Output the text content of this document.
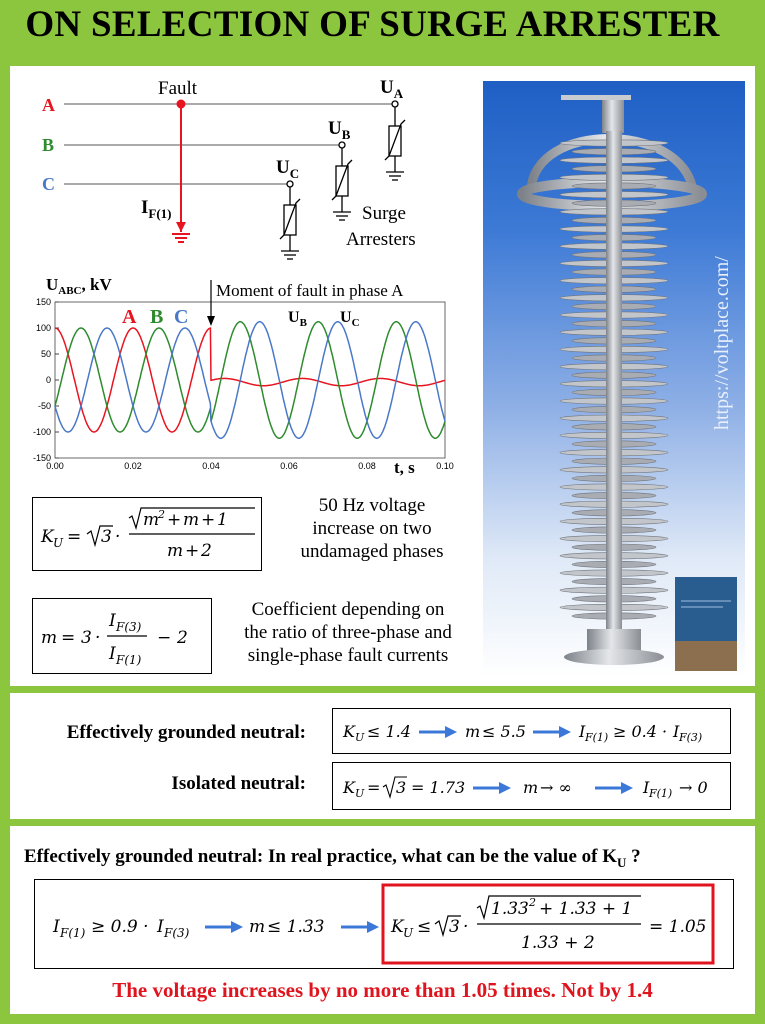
ON SELECTION OF SURGE ARRESTER
A
B
C
Fault
$I_{F(1)}$
$U_A$
$U_B$
$U_C$
Surge
Arresters
$U_{ABC}$, kV	Moment of fault in phase A
150
100
50
0
-50
-100
-150
0.00	0.02	0.04	0.06	0.08	0.10
A B C	$U_B$ $U_C$
t, s
K U = 3 ·
m
2 + m + 1
m + 2
50 Hz voltage
increase on two
undamaged phases
m = 3 ·
I F(3)
I F(1)
− 2
Coefficient depending on
the ratio of three-phase and
single-phase fault currents
https://voltplace.com/
Effectively grounded neutral:
Isolated neutral:
K U ≤ 1.4	m ≤ 5.5	I F(1) ≥ 0.4 · I F(3)
K U = 3 = 1.73	m → ∞	I F(1) → 0
Effectively grounded neutral: In real practice, what can be the value of $K_U$ ?
I F(1) ≥ 0.9 · I F(3)	m ≤ 1.33	K U ≤ 3 ·
1.33 2 + 1.33 + 1
1.33 + 2
= 1.05
The voltage increases by no more than 1.05 times. Not by 1.4
